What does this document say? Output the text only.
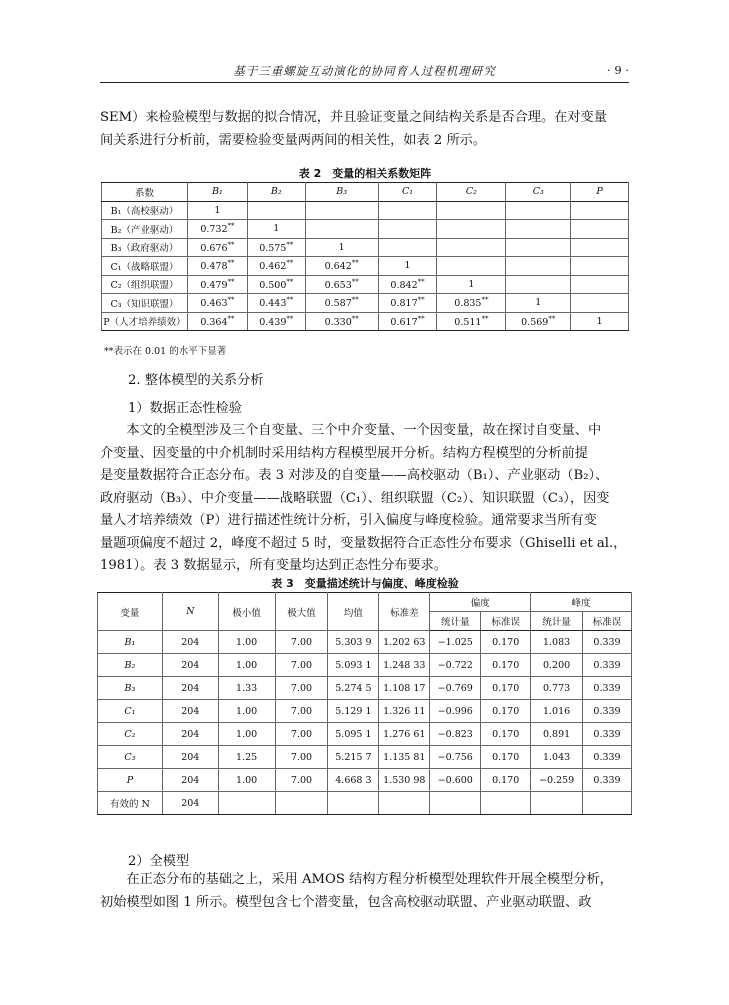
基于三重螺旋互动演化的协同育人过程机理研究	· 9 ·
SEM）来检验模型与数据的拟合情况，并且验证变量之间结构关系是否合理。在对变量
间关系进行分析前，需要检验变量两两间的相关性，如表 2 所示。
表 2　变量的相关系数矩阵
系数	B₁	B₂	B₃	C₁	C₂	C₃	P
B₁（高校驱动）	1						
B₂（产业驱动）	0.732**	1					
B₃（政府驱动）	0.676**	0.575**	1				
C₁（战略联盟）	0.478**	0.462**	0.642**	1			
C₂（组织联盟）	0.479**	0.500**	0.653**	0.842**	1		
C₃（知识联盟）	0.463**	0.443**	0.587**	0.817**	0.835**	1	
P（人才培养绩效）	0.364**	0.439**	0.330**	0.617**	0.511**	0.569**	1
**表示在 0.01 的水平下显著
2. 整体模型的关系分析
1）数据正态性检验
本文的全模型涉及三个自变量、三个中介变量、一个因变量，故在探讨自变量、中
介变量、因变量的中介机制时采用结构方程模型展开分析。结构方程模型的分析前提
是变量数据符合正态分布。表 3 对涉及的自变量——高校驱动（B₁）、产业驱动（B₂）、
政府驱动（B₃）、中介变量——战略联盟（C₁）、组织联盟（C₂）、知识联盟（C₃），因变
量人才培养绩效（P）进行描述性统计分析，引入偏度与峰度检验。通常要求当所有变
量题项偏度不超过 2，峰度不超过 5 时，变量数据符合正态性分布要求（Ghiselli et al.，
1981）。表 3 数据显示，所有变量均达到正态性分布要求。
表 3　变量描述统计与偏度、峰度检验
变量	N	极小值	极大值	均值	标准差	偏度		峰度	
						统计量	标准误	统计量	标准误
B₁	204	1.00	7.00	5.303 9	1.202 63	−1.025	0.170	1.083	0.339
B₂	204	1.00	7.00	5.093 1	1.248 33	−0.722	0.170	0.200	0.339
B₃	204	1.33	7.00	5.274 5	1.108 17	−0.769	0.170	0.773	0.339
C₁	204	1.00	7.00	5.129 1	1.326 11	−0.996	0.170	1.016	0.339
C₂	204	1.00	7.00	5.095 1	1.276 61	−0.823	0.170	0.891	0.339
C₃	204	1.25	7.00	5.215 7	1.135 81	−0.756	0.170	1.043	0.339
P	204	1.00	7.00	4.668 3	1.530 98	−0.600	0.170	−0.259	0.339
有效的 N	204								
2）全模型
在正态分布的基础之上，采用 AMOS 结构方程分析模型处理软件开展全模型分析，
初始模型如图 1 所示。模型包含七个潜变量，包含高校驱动联盟、产业驱动联盟、政
